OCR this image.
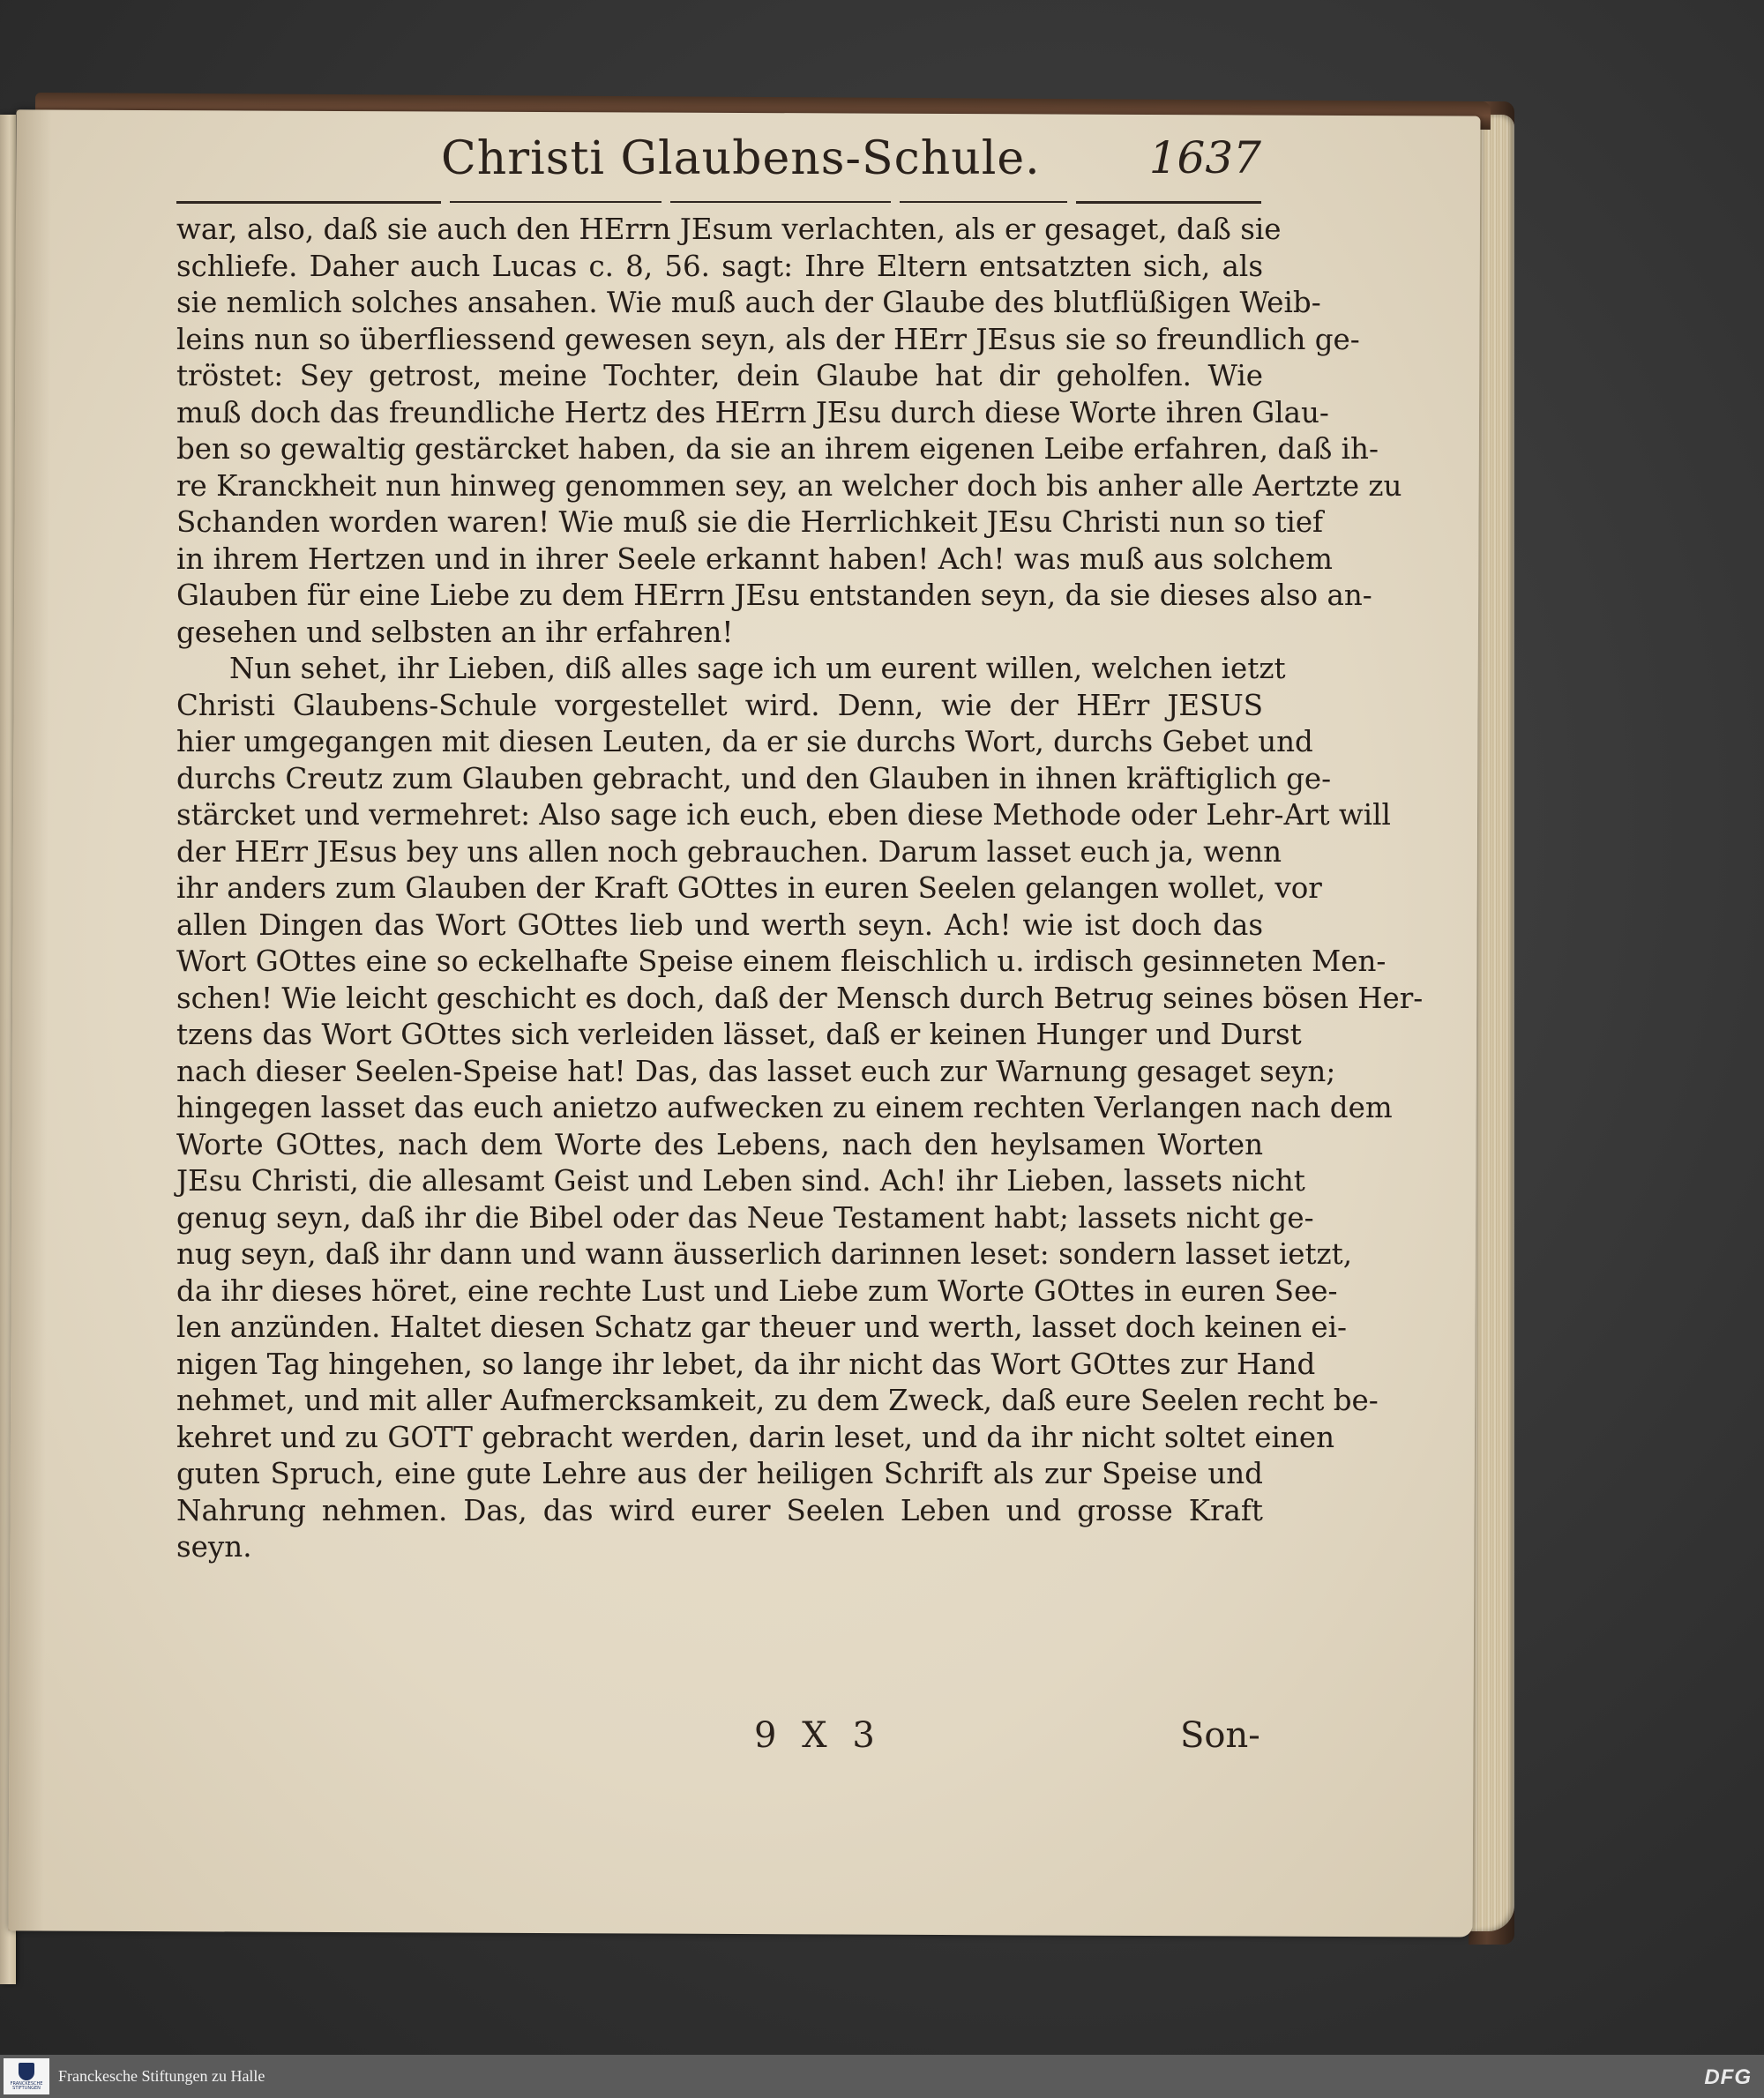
Christi Glaubens-Schule. 1637
war, also, daß sie auch den HErrn JEsum verlachten, als er gesaget, daß sie
schliefe. Daher auch Lucas c. 8, 56. sagt: Ihre Eltern entsatzten sich, als
sie nemlich solches ansahen. Wie muß auch der Glaube des blutflüßigen Weib-
leins nun so überfliessend gewesen seyn, als der HErr JEsus sie so freundlich ge-
tröstet: Sey getrost, meine Tochter, dein Glaube hat dir geholfen. Wie
muß doch das freundliche Hertz des HErrn JEsu durch diese Worte ihren Glau-
ben so gewaltig gestärcket haben, da sie an ihrem eigenen Leibe erfahren, daß ih-
re Kranckheit nun hinweg genommen sey, an welcher doch bis anher alle Aertzte zu
Schanden worden waren! Wie muß sie die Herrlichkeit JEsu Christi nun so tief
in ihrem Hertzen und in ihrer Seele erkannt haben! Ach! was muß aus solchem
Glauben für eine Liebe zu dem HErrn JEsu entstanden seyn, da sie dieses also an-
gesehen und selbsten an ihr erfahren!
Nun sehet, ihr Lieben, diß alles sage ich um eurent willen, welchen ietzt
Christi Glaubens-Schule vorgestellet wird. Denn, wie der HErr JESUS
hier umgegangen mit diesen Leuten, da er sie durchs Wort, durchs Gebet und
durchs Creutz zum Glauben gebracht, und den Glauben in ihnen kräftiglich ge-
stärcket und vermehret: Also sage ich euch, eben diese Methode oder Lehr-Art will
der HErr JEsus bey uns allen noch gebrauchen. Darum lasset euch ja, wenn
ihr anders zum Glauben der Kraft GOttes in euren Seelen gelangen wollet, vor
allen Dingen das Wort GOttes lieb und werth seyn. Ach! wie ist doch das
Wort GOttes eine so eckelhafte Speise einem fleischlich u. irdisch gesinneten Men-
schen! Wie leicht geschicht es doch, daß der Mensch durch Betrug seines bösen Her-
tzens das Wort GOttes sich verleiden lässet, daß er keinen Hunger und Durst
nach dieser Seelen-Speise hat! Das, das lasset euch zur Warnung gesaget seyn;
hingegen lasset das euch anietzo aufwecken zu einem rechten Verlangen nach dem
Worte GOttes, nach dem Worte des Lebens, nach den heylsamen Worten
JEsu Christi, die allesamt Geist und Leben sind. Ach! ihr Lieben, lassets nicht
genug seyn, daß ihr die Bibel oder das Neue Testament habt; lassets nicht ge-
nug seyn, daß ihr dann und wann äusserlich darinnen leset: sondern lasset ietzt,
da ihr dieses höret, eine rechte Lust und Liebe zum Worte GOttes in euren See-
len anzünden. Haltet diesen Schatz gar theuer und werth, lasset doch keinen ei-
nigen Tag hingehen, so lange ihr lebet, da ihr nicht das Wort GOttes zur Hand
nehmet, und mit aller Aufmercksamkeit, zu dem Zweck, daß eure Seelen recht be-
kehret und zu GOTT gebracht werden, darin leset, und da ihr nicht soltet einen
guten Spruch, eine gute Lehre aus der heiligen Schrift als zur Speise und
Nahrung nehmen. Das, das wird eurer Seelen Leben und grosse Kraft
seyn.
9 X 3	Son-
FRANCKESCHE STIFTUNGEN
Franckesche Stiftungen zu Halle	DFG
